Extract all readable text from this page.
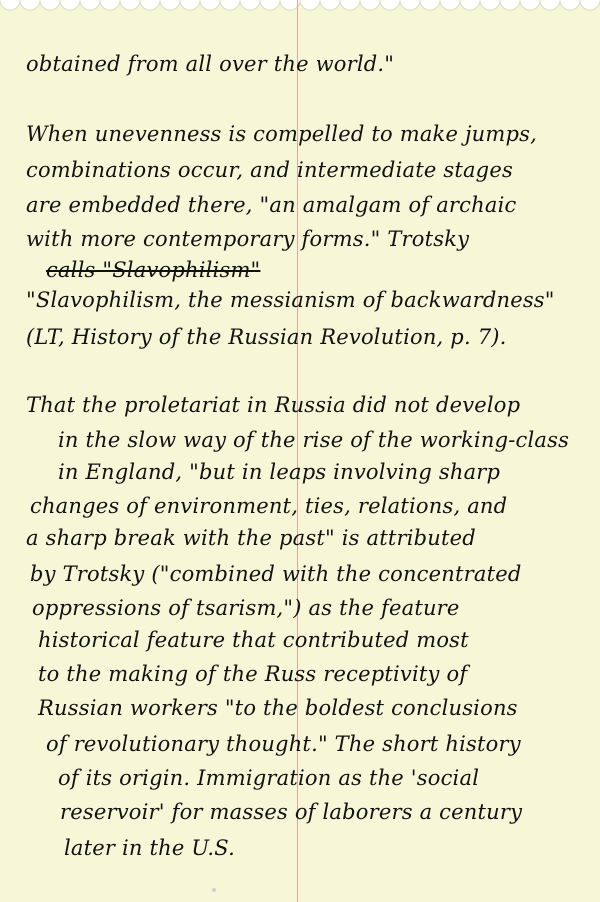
obtained from all over the world."
When unevenness is compelled to make jumps,
combinations occur, and intermediate stages
are embedded there, "an amalgam of archaic
with more contemporary forms." Trotsky
calls "Slavophilism"
"Slavophilism, the messianism of backwardness"
(LT, History of the Russian Revolution, p. 7).
That the proletariat in Russia did not develop
in the slow way of the rise of the working-class
in England, "but in leaps involving sharp
changes of environment, ties, relations, and
a sharp break with the past" is attributed
by Trotsky ("combined with the concentrated
oppressions of tsarism,") as the feature
historical feature that contributed most
to the making of the Russ receptivity of
Russian workers "to the boldest conclusions
of revolutionary thought." The short history
of its origin. Immigration as the 'social
reservoir' for masses of laborers a century
later in the U.S.
